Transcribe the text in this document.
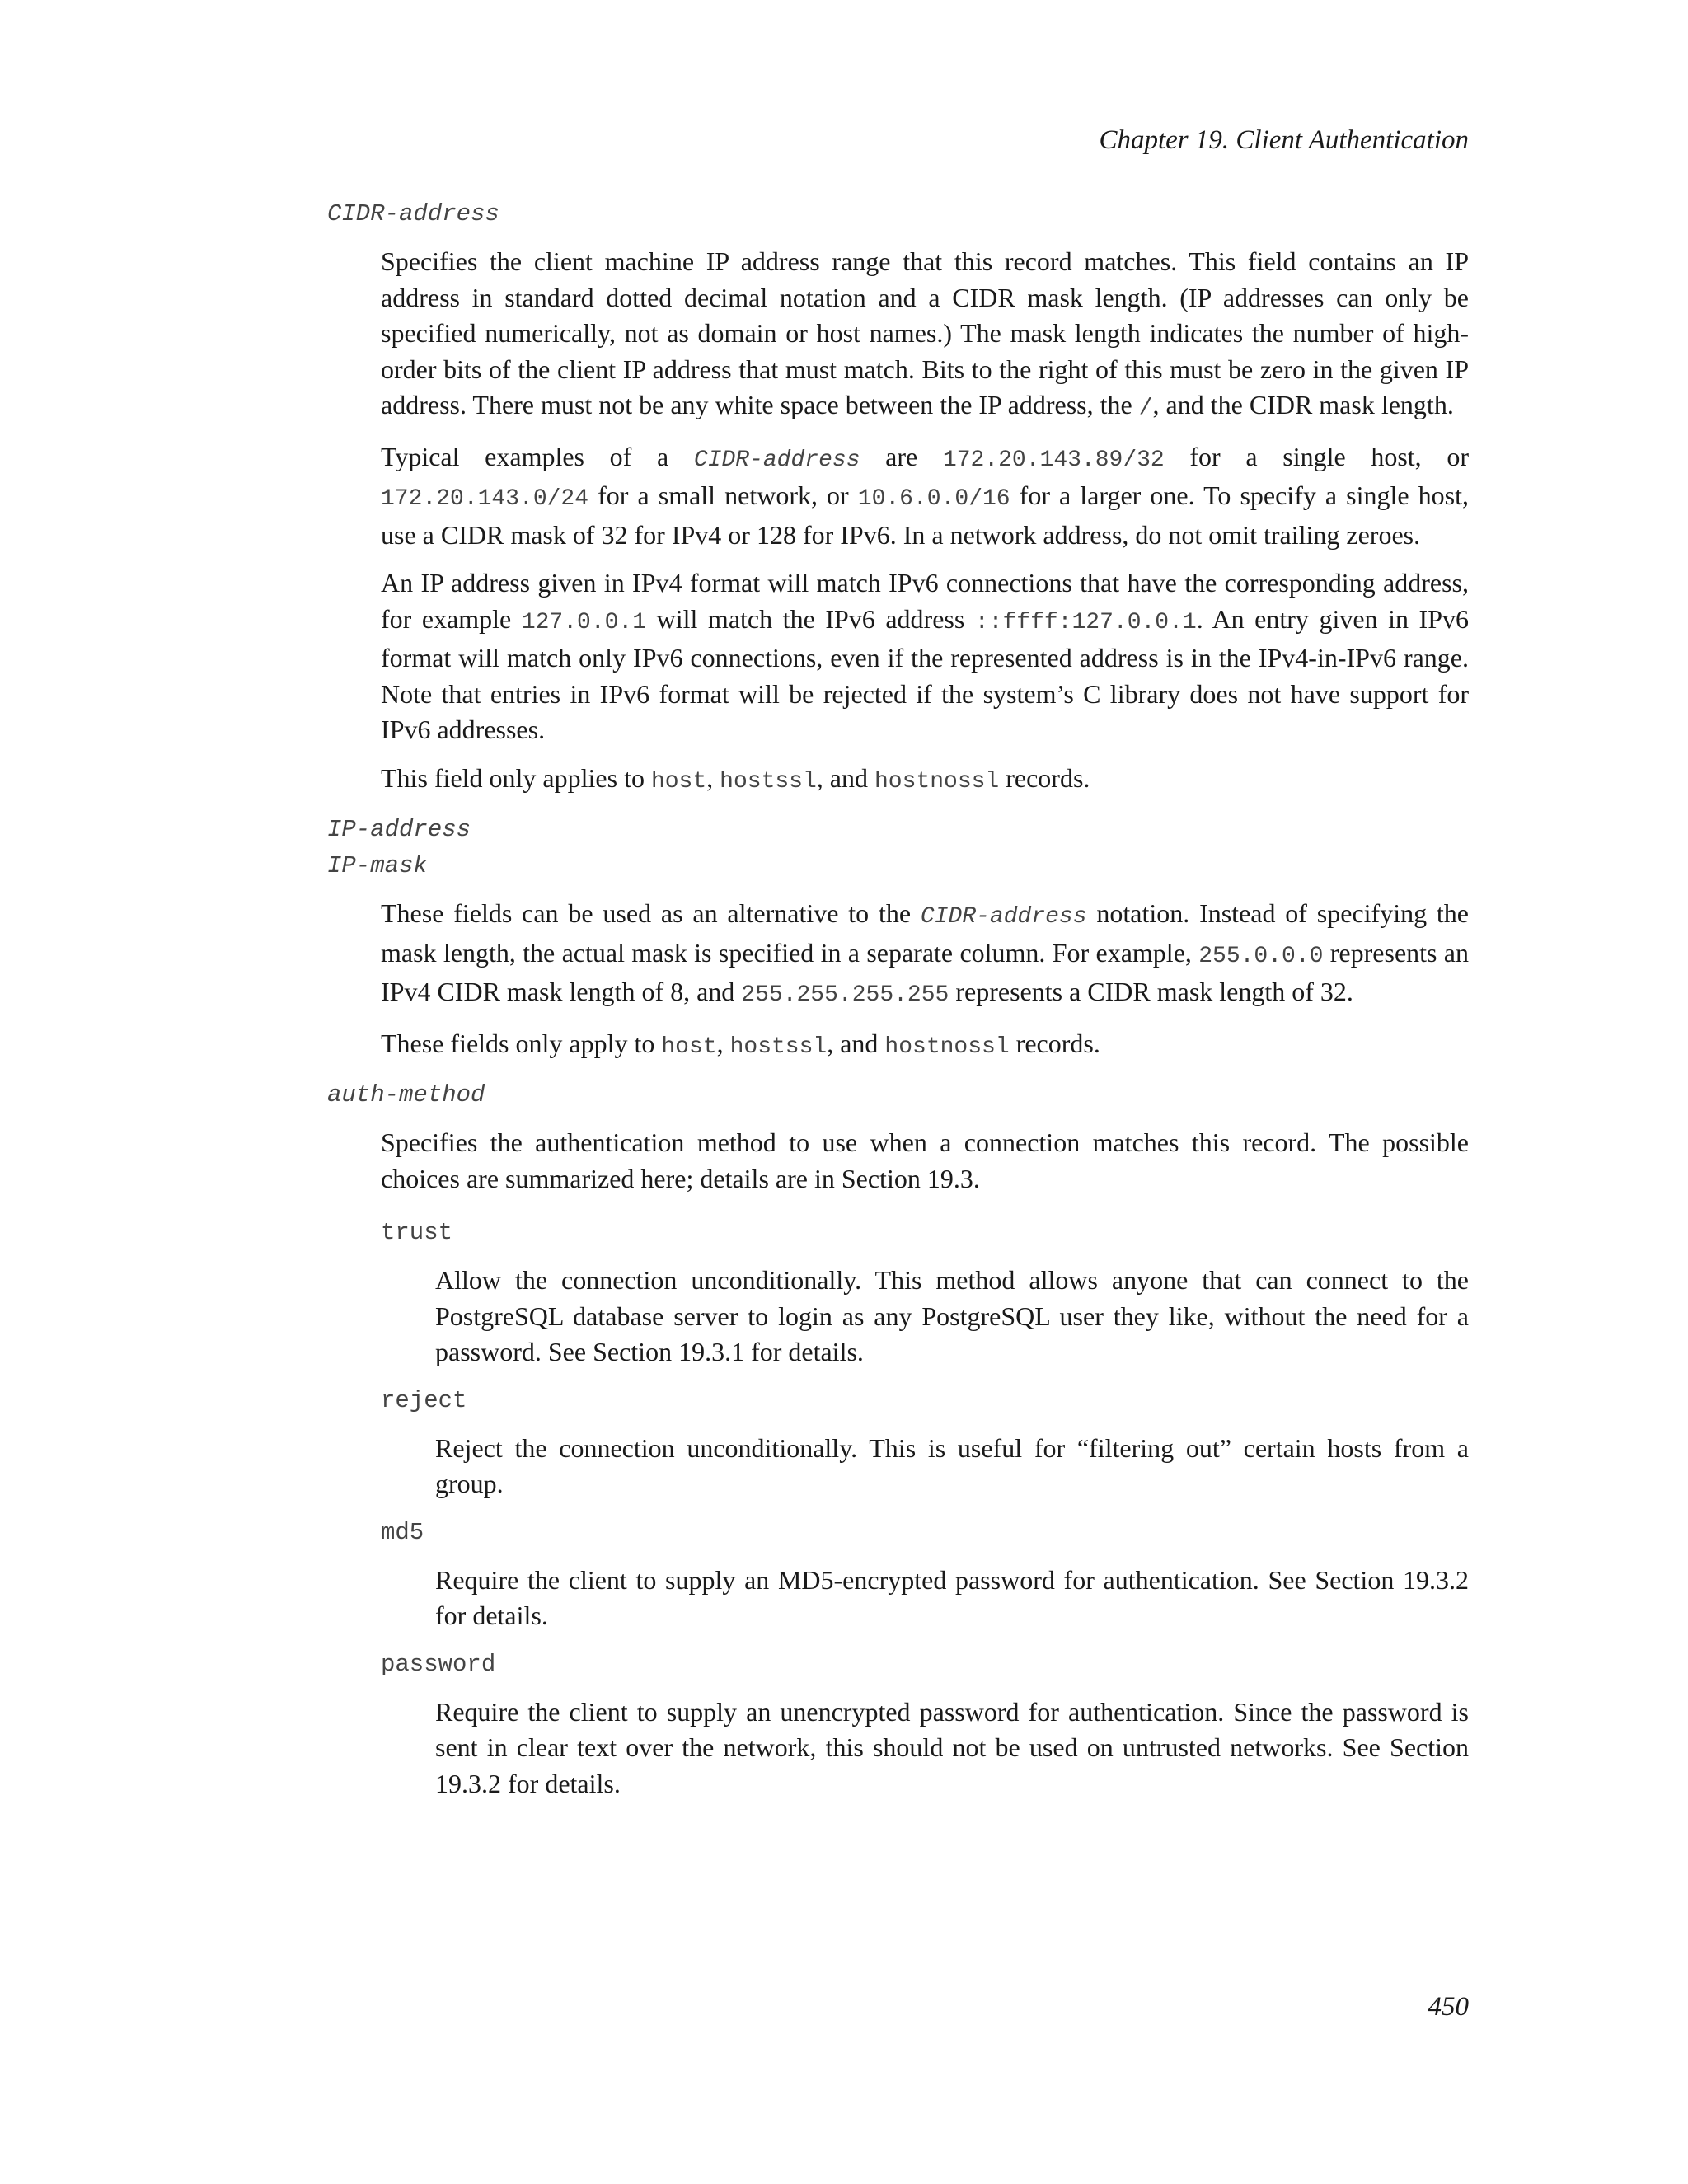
Chapter 19. Client Authentication
CIDR-address

Specifies the client machine IP address range that this record matches. This field contains an IP address in standard dotted decimal notation and a CIDR mask length. (IP addresses can only be specified numerically, not as domain or host names.) The mask length indicates the number of high-order bits of the client IP address that must match. Bits to the right of this must be zero in the given IP address. There must not be any white space between the IP address, the /, and the CIDR mask length.

Typical examples of a CIDR-address are 172.20.143.89/32 for a single host, or 172.20.143.0/24 for a small network, or 10.6.0.0/16 for a larger one. To specify a single host, use a CIDR mask of 32 for IPv4 or 128 for IPv6. In a network address, do not omit trailing zeroes.

An IP address given in IPv4 format will match IPv6 connections that have the corresponding address, for example 127.0.0.1 will match the IPv6 address ::ffff:127.0.0.1. An entry given in IPv6 format will match only IPv6 connections, even if the represented address is in the IPv4-in-IPv6 range. Note that entries in IPv6 format will be rejected if the system’s C library does not have support for IPv6 addresses.

This field only applies to host, hostssl, and hostnossl records.

IP-address
IP-mask

These fields can be used as an alternative to the CIDR-address notation. Instead of specifying the mask length, the actual mask is specified in a separate column. For example, 255.0.0.0 represents an IPv4 CIDR mask length of 8, and 255.255.255.255 represents a CIDR mask length of 32.

These fields only apply to host, hostssl, and hostnossl records.

auth-method

Specifies the authentication method to use when a connection matches this record. The possible choices are summarized here; details are in Section 19.3.

trust

Allow the connection unconditionally. This method allows anyone that can connect to the PostgreSQL database server to login as any PostgreSQL user they like, without the need for a password. See Section 19.3.1 for details.

reject

Reject the connection unconditionally. This is useful for “filtering out” certain hosts from a group.

md5

Require the client to supply an MD5-encrypted password for authentication. See Section 19.3.2 for details.

password

Require the client to supply an unencrypted password for authentication. Since the password is sent in clear text over the network, this should not be used on untrusted networks. See Section 19.3.2 for details.

450
